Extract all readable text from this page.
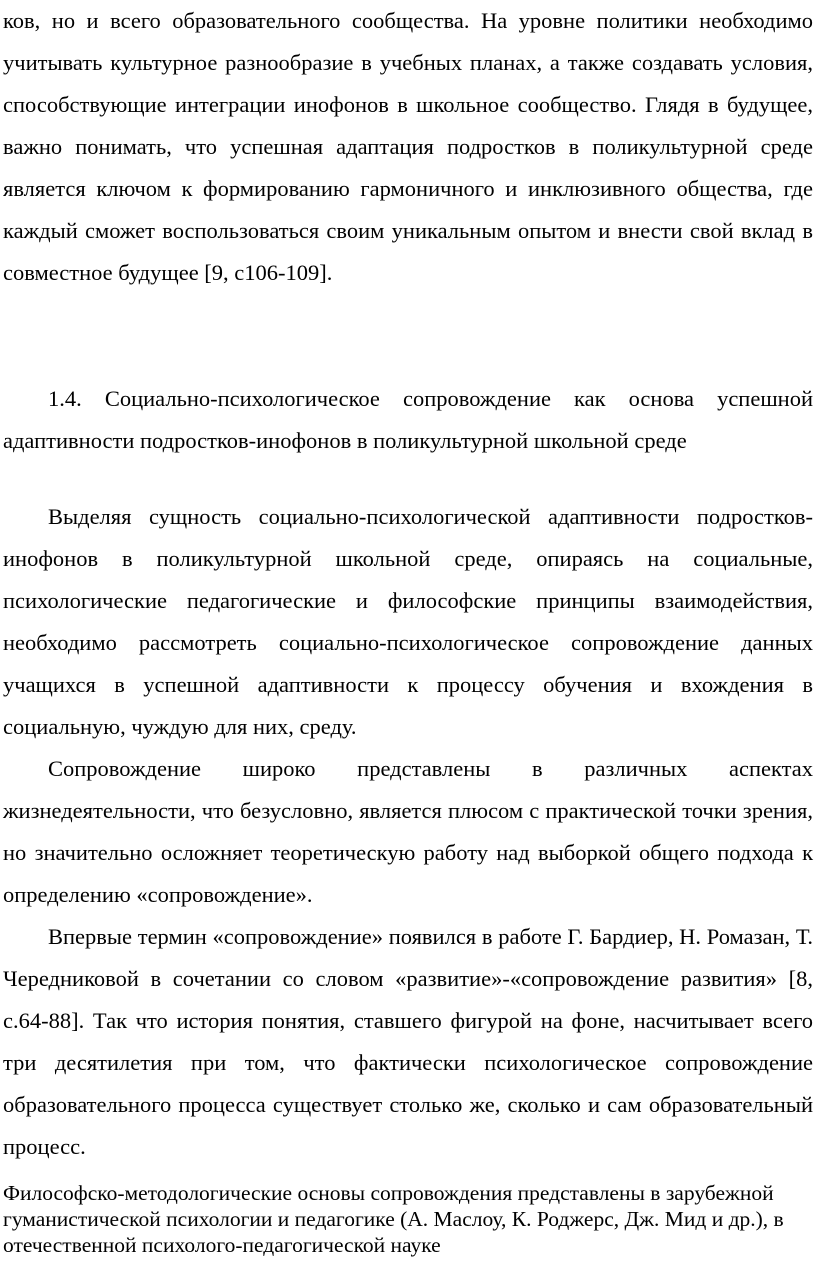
ков, но и всего образовательного сообщества. На уровне политики необходимо учитывать культурное разнообразие в учебных планах, а также создавать условия, способствующие интеграции инофонов в школьное сообщество. Глядя в будущее, важно понимать, что успешная адаптация подростков в поликультурной среде является ключом к формированию гармоничного и инклюзивного общества, где каждый сможет воспользоваться своим уникальным опытом и внести свой вклад в совместное будущее [9, с106-109].

1.4. Социально-психологическое сопровождение как основа успешной адаптивности подростков-инофонов в поликультурной школьной среде

Выделяя сущность социально-психологической адаптивности подростков- инофонов в поликультурной школьной среде, опираясь на социальные, психологические педагогические и философские принципы взаимодействия, необходимо рассмотреть социально-психологическое сопровождение данных учащихся в успешной адаптивности к процессу обучения и вхождения в социальную, чуждую для них, среду.

Сопровождение широко представлены в различных аспектах жизнедеятельности, что безусловно, является плюсом с практической точки зрения, но значительно осложняет теоретическую работу над выборкой общего подхода к определению «сопровождение».

Впервые термин «сопровождение» появился в работе Г. Бардиер, Н. Ромазан, Т. Чередниковой в сочетании со словом «развитие»-«сопровождение развития» [8, с.64-88]. Так что история понятия, ставшего фигурой на фоне, насчитывает всего три десятилетия при том, что фактически психологическое сопровождение образовательного процесса существует столько же, сколько и сам образовательный процесс.

Философско-методологические основы сопровождения представлены в зарубежной гуманистической психологии и педагогике (А. Маслоу, К. Роджерс, Дж. Мид и др.), в отечественной психолого-педагогической науке
